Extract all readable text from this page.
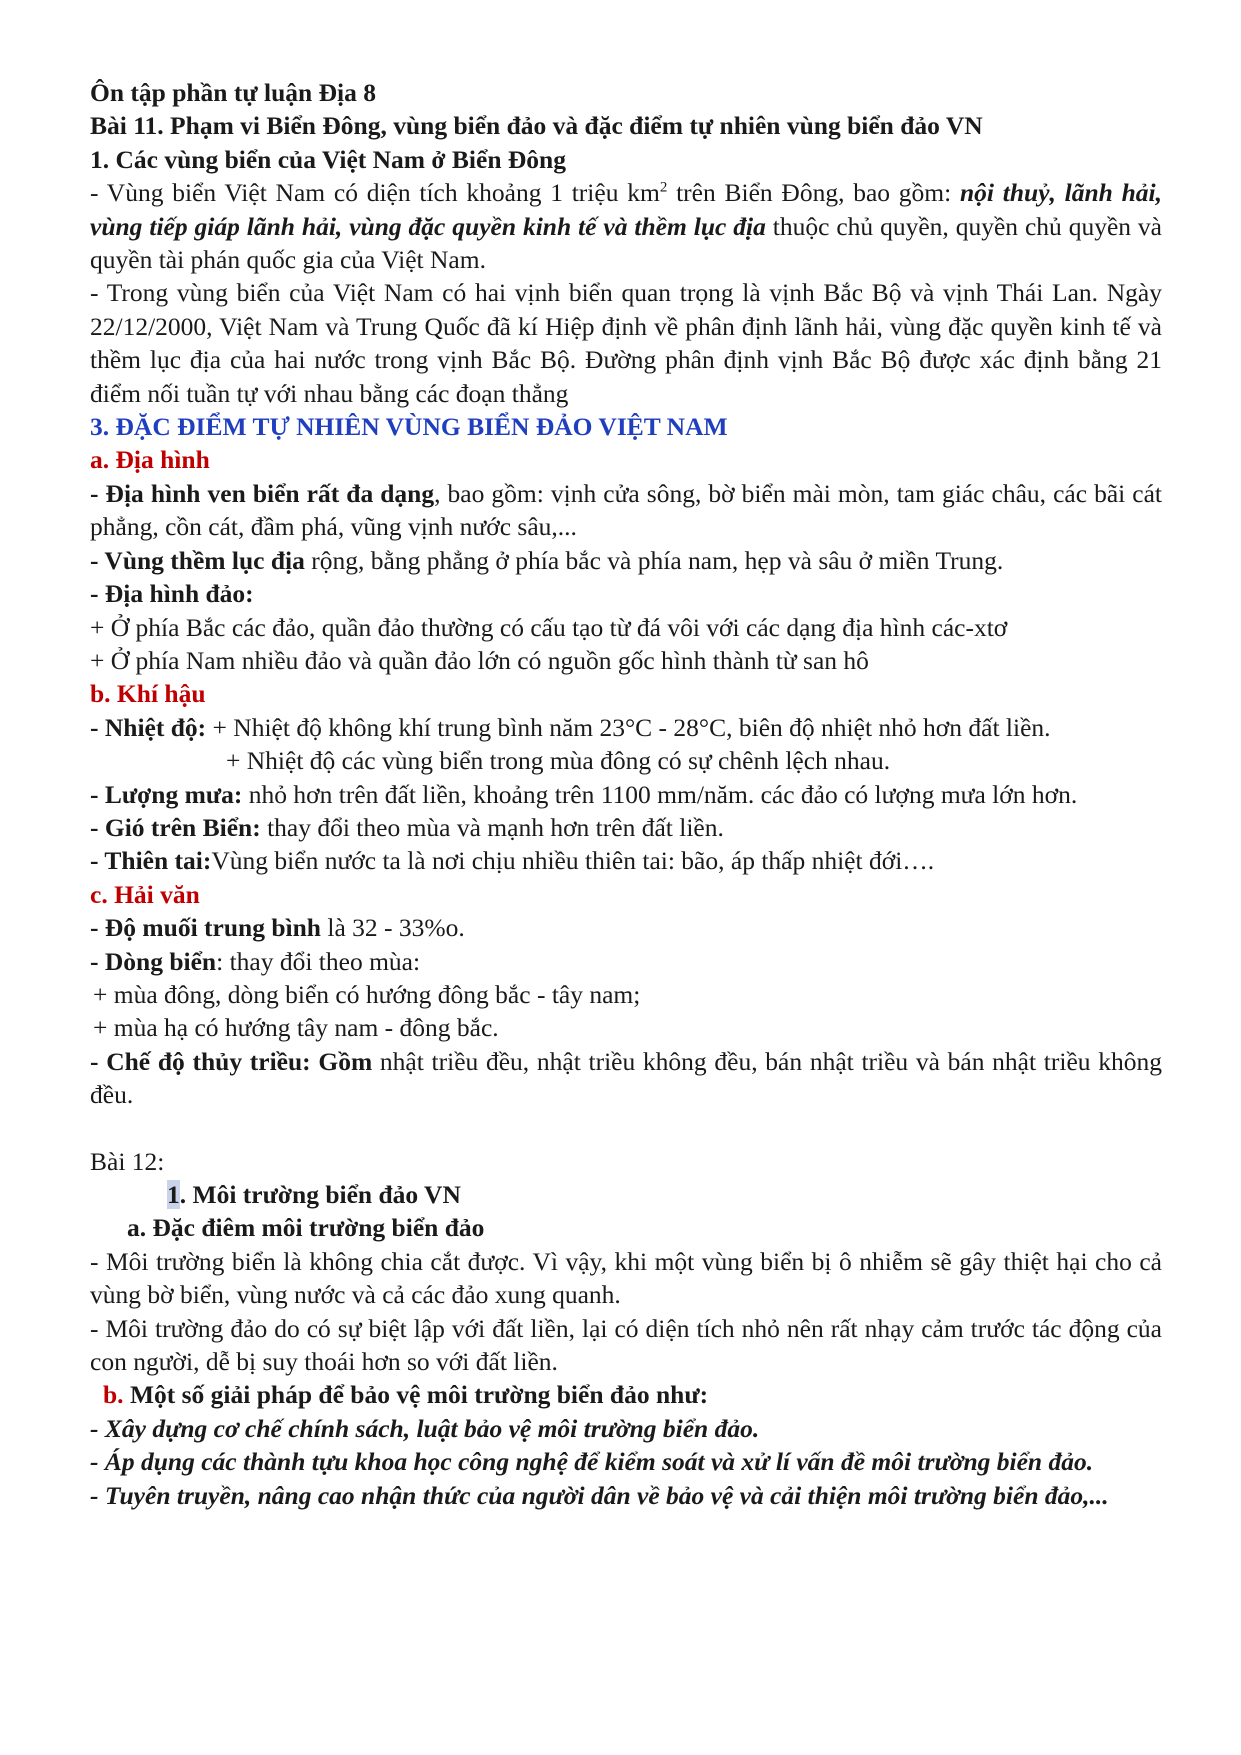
Ôn tập phần tự luận Địa 8

Bài 11. Phạm vi Biển Đông, vùng biển đảo và đặc điểm tự nhiên vùng biển đảo VN

1. Các vùng biển của Việt Nam ở Biển Đông

- Vùng biển Việt Nam có diện tích khoảng 1 triệu $km^2$ trên Biển Đông, bao gồm: nội thuỷ, lãnh hải, vùng tiếp giáp lãnh hải, vùng đặc quyền kinh tế và thềm lục địa thuộc chủ quyền, quyền chủ quyền và quyền tài phán quốc gia của Việt Nam.

- Trong vùng biển của Việt Nam có hai vịnh biển quan trọng là vịnh Bắc Bộ và vịnh Thái Lan. Ngày 22/12/2000, Việt Nam và Trung Quốc đã kí Hiệp định về phân định lãnh hải, vùng đặc quyền kinh tế và thềm lục địa của hai nước trong vịnh Bắc Bộ. Đường phân định vịnh Bắc Bộ được xác định bằng 21 điểm nối tuần tự với nhau bằng các đoạn thẳng

3. ĐẶC ĐIỂM TỰ NHIÊN VÙNG BIỂN ĐẢO VIỆT NAM

a. Địa hình

- Địa hình ven biển rất đa dạng, bao gồm: vịnh cửa sông, bờ biển mài mòn, tam giác châu, các bãi cát phẳng, cồn cát, đầm phá, vũng vịnh nước sâu,...

- Vùng thềm lục địa rộng, bằng phẳng ở phía bắc và phía nam, hẹp và sâu ở miền Trung.

- Địa hình đảo:

+ Ở phía Bắc các đảo, quần đảo thường có cấu tạo từ đá vôi với các dạng địa hình các-xtơ

+ Ở phía Nam nhiều đảo và quần đảo lớn có nguồn gốc hình thành từ san hô

b. Khí hậu

- Nhiệt độ: + Nhiệt độ không khí trung bình năm 23°C - 28°C, biên độ nhiệt nhỏ hơn đất liền.

+ Nhiệt độ các vùng biển trong mùa đông có sự chênh lệch nhau.

- Lượng mưa: nhỏ hơn trên đất liền, khoảng trên 1100 mm/năm. các đảo có lượng mưa lớn hơn.

- Gió trên Biển: thay đổi theo mùa và mạnh hơn trên đất liền.

- Thiên tai:Vùng biển nước ta là nơi chịu nhiều thiên tai: bão, áp thấp nhiệt đới….

c. Hải văn

- Độ muối trung bình là 32 - 33%o.

- Dòng biển: thay đổi theo mùa:

+ mùa đông, dòng biển có hướng đông bắc - tây nam;

+ mùa hạ có hướng tây nam - đông bắc.

- Chế độ thủy triều: Gồm nhật triều đều, nhật triều không đều, bán nhật triều và bán nhật triều không đều.

Bài 12:

1. Môi trường biển đảo VN

a. Đặc điêm môi trường biển đảo

- Môi trường biển là không chia cắt được. Vì vậy, khi một vùng biển bị ô nhiễm sẽ gây thiệt hại cho cả vùng bờ biển, vùng nước và cả các đảo xung quanh.

- Môi trường đảo do có sự biệt lập với đất liền, lại có diện tích nhỏ nên rất nhạy cảm trước tác động của con người, dễ bị suy thoái hơn so với đất liền.

b. Một số giải pháp để bảo vệ môi trường biển đảo như:

- Xây dựng cơ chế chính sách, luật bảo vệ môi trường biển đảo.

- Áp dụng các thành tựu khoa học công nghệ để kiểm soát và xử lí vấn đề môi trường biển đảo.

- Tuyên truyền, nâng cao nhận thức của người dân về bảo vệ và cải thiện môi trường biển đảo,...
